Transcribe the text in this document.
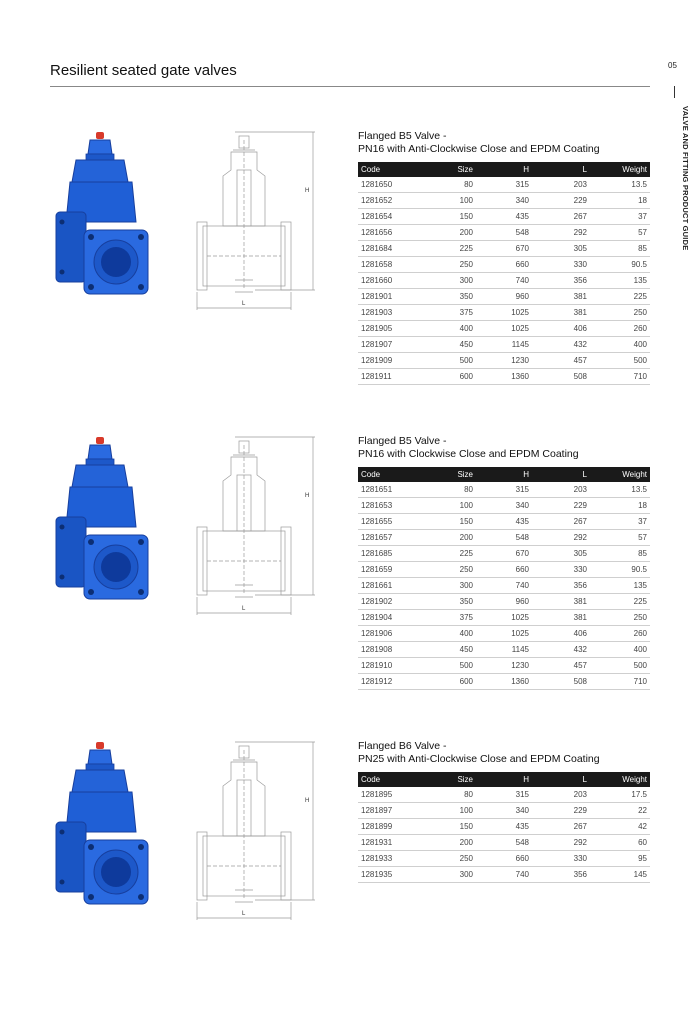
Resilient seated gate valves	05
VALVE AND FITTING PRODUCT GUIDE
H
L
Flanged B5 Valve -
PN16 with Anti-Clockwise Close and EPDM Coating
Code	Size	H	L	Weight
1281650	80	315	203	13.5
1281652	100	340	229	18
1281654	150	435	267	37
1281656	200	548	292	57
1281684	225	670	305	85
1281658	250	660	330	90.5
1281660	300	740	356	135
1281901	350	960	381	225
1281903	375	1025	381	250
1281905	400	1025	406	260
1281907	450	1145	432	400
1281909	500	1230	457	500
1281911	600	1360	508	710
H
L
Flanged B5 Valve -
PN16 with Clockwise Close and EPDM Coating
Code	Size	H	L	Weight
1281651	80	315	203	13.5
1281653	100	340	229	18
1281655	150	435	267	37
1281657	200	548	292	57
1281685	225	670	305	85
1281659	250	660	330	90.5
1281661	300	740	356	135
1281902	350	960	381	225
1281904	375	1025	381	250
1281906	400	1025	406	260
1281908	450	1145	432	400
1281910	500	1230	457	500
1281912	600	1360	508	710
H
L
Flanged B6 Valve -
PN25 with Anti-Clockwise Close and EPDM Coating
Code	Size	H	L	Weight
1281895	80	315	203	17.5
1281897	100	340	229	22
1281899	150	435	267	42
1281931	200	548	292	60
1281933	250	660	330	95
1281935	300	740	356	145
